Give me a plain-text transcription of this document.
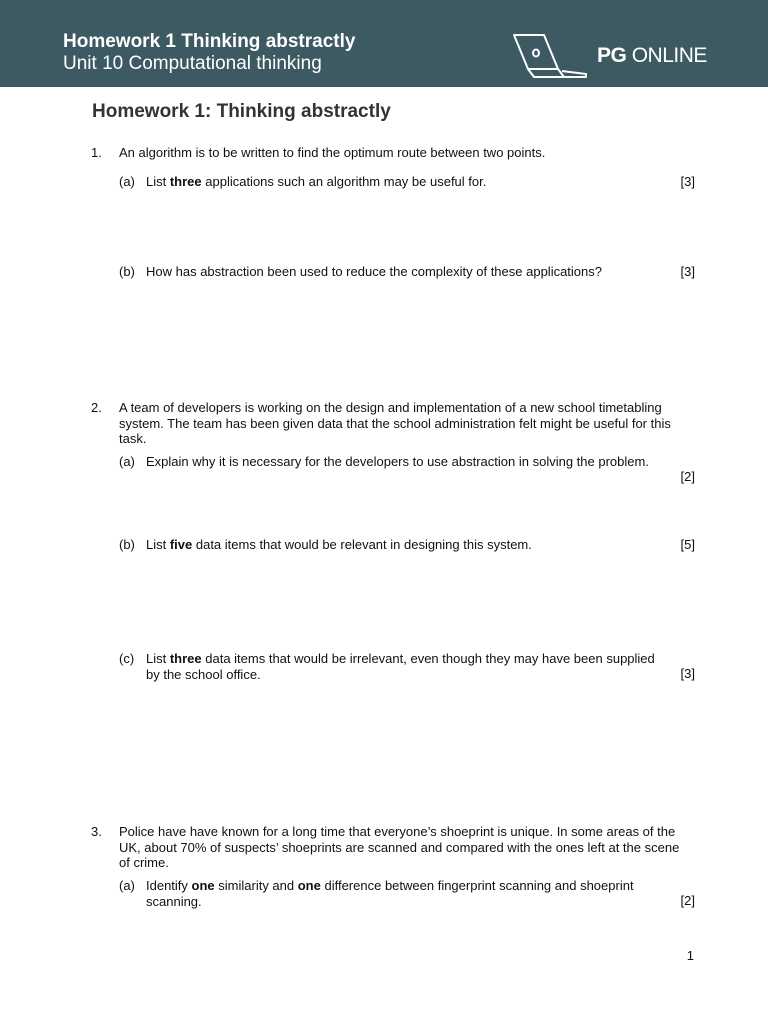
Homework 1 Thinking abstractly
Unit 10 Computational thinking	PG ONLINE
Homework 1: Thinking abstractly
1. An algorithm is to be written to find the optimum route between two points.
(a) List three applications such an algorithm may be useful for.	[3]
(b) How has abstraction been used to reduce the complexity of these applications?	[3]
2. A team of developers is working on the design and implementation of a new school timetabling system. The team has been given data that the school administration felt might be useful for this task.
(a) Explain why it is necessary for the developers to use abstraction in solving the problem.
[2]
(b) List five data items that would be relevant in designing this system.	[5]
(c) List three data items that would be irrelevant, even though they may have been supplied by the school office.	[3]
3. Police have have known for a long time that everyone’s shoeprint is unique. In some areas of the UK, about 70% of suspects’ shoeprints are scanned and compared with the ones left at the scene of crime.
(a) Identify one similarity and one difference between fingerprint scanning and shoeprint scanning.	[2]
1
